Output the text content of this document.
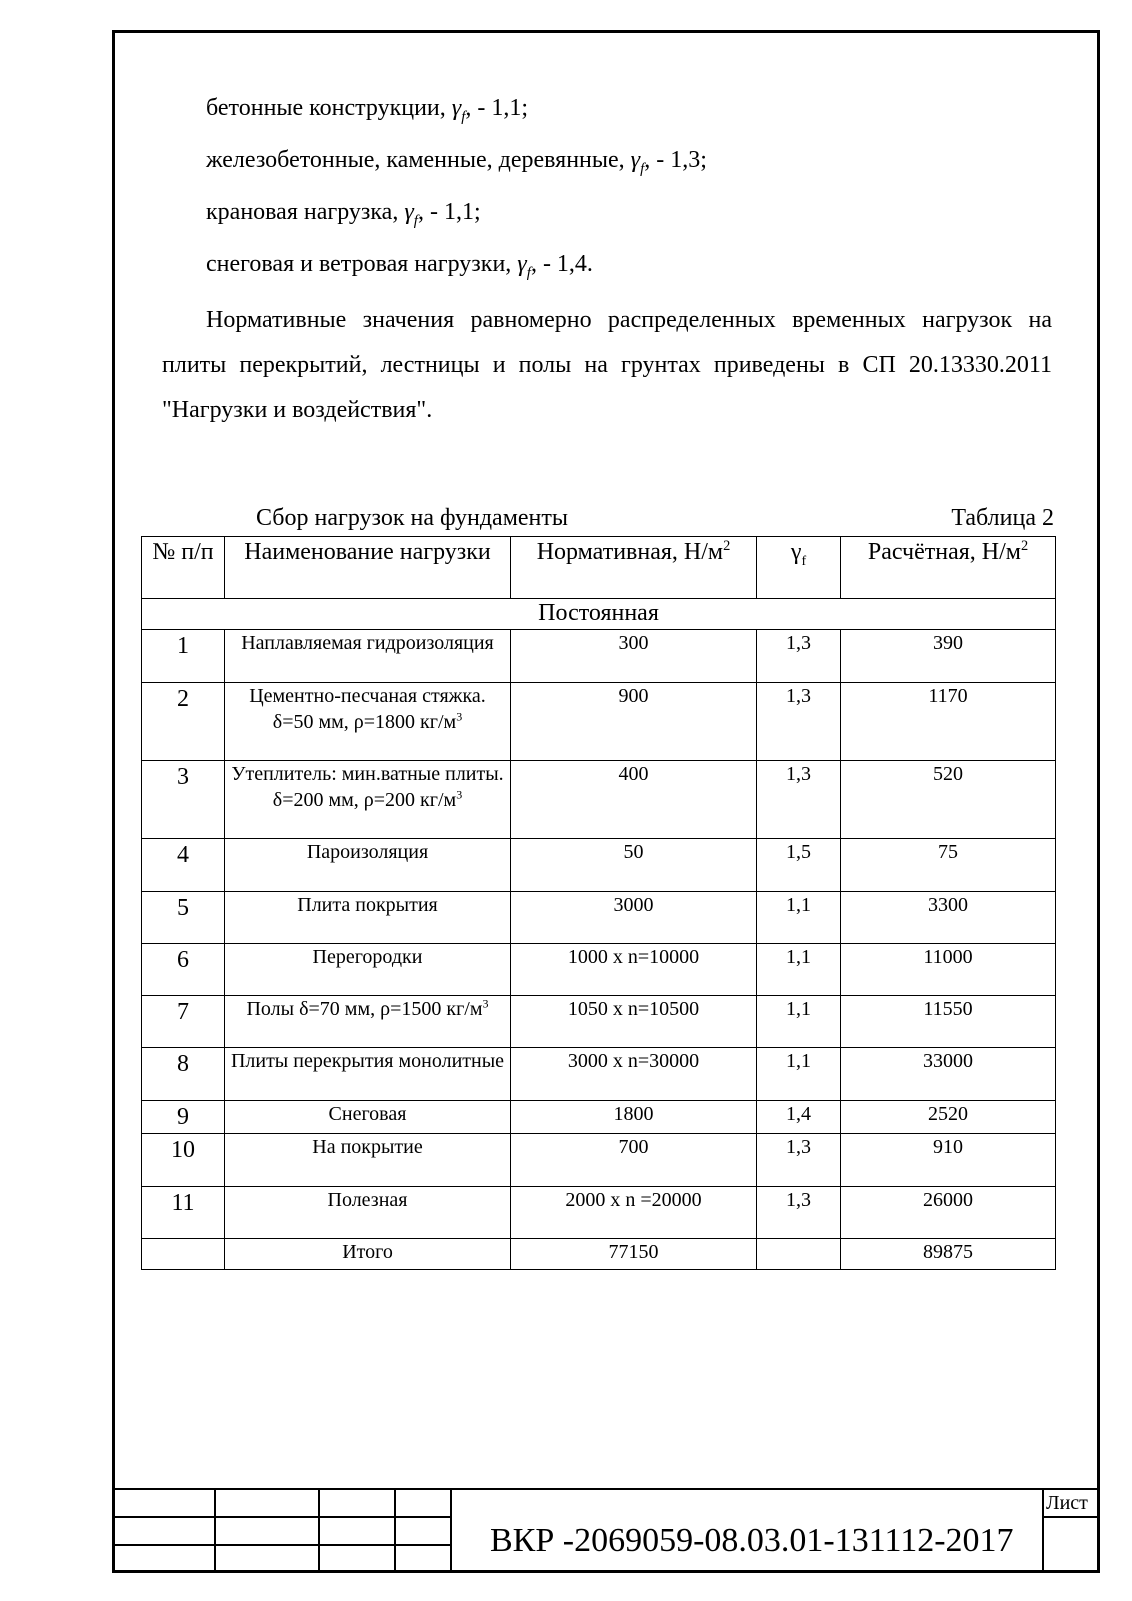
бетонные конструкции, $\gamma_f$, - 1,1;
железобетонные, каменные, деревянные, $\gamma_f$, - 1,3;
крановая нагрузка, $\gamma_f$, - 1,1;
снеговая и ветровая нагрузки, $\gamma_f$, - 1,4.
Нормативные значения равномерно распределенных временных нагрузок на плиты перекрытий, лестницы и полы на грунтах приведены в СП 20.13330.2011 "Нагрузки и воздействия".
Сбор нагрузок на фундаменты	Таблица 2
№ п/п	Наименование нагрузки	Нормативная, $Н/м^2$	$\gamma_f$	Расчётная, $Н/м^2$
Постоянная				
1	Наплавляемая гидроизоляция	300	1,3	390
2	Цементно-песчаная стяжка. δ=50 мм, ρ=1800 $кг/м^3$	900	1,3	1170
3	Утеплитель: мин.ватные плиты. δ=200 мм, ρ=200 $кг/м^3$	400	1,3	520
4	Пароизоляция	50	1,5	75
5	Плита покрытия	3000	1,1	3300
6	Перегородки	1000 х n=10000	1,1	11000
7	Полы δ=70 мм, ρ=1500 $кг/м^3$	1050 х n=10500	1,1	11550
8	Плиты перекрытия монолитные	3000 х n=30000	1,1	33000
9	Снеговая	1800	1,4	2520
10	На покрытие	700	1,3	910
11	Полезная	2000 х n =20000	1,3	26000
	Итого	77150		89875
ВКР -2069059-08.03.01-131112-2017
Лист
